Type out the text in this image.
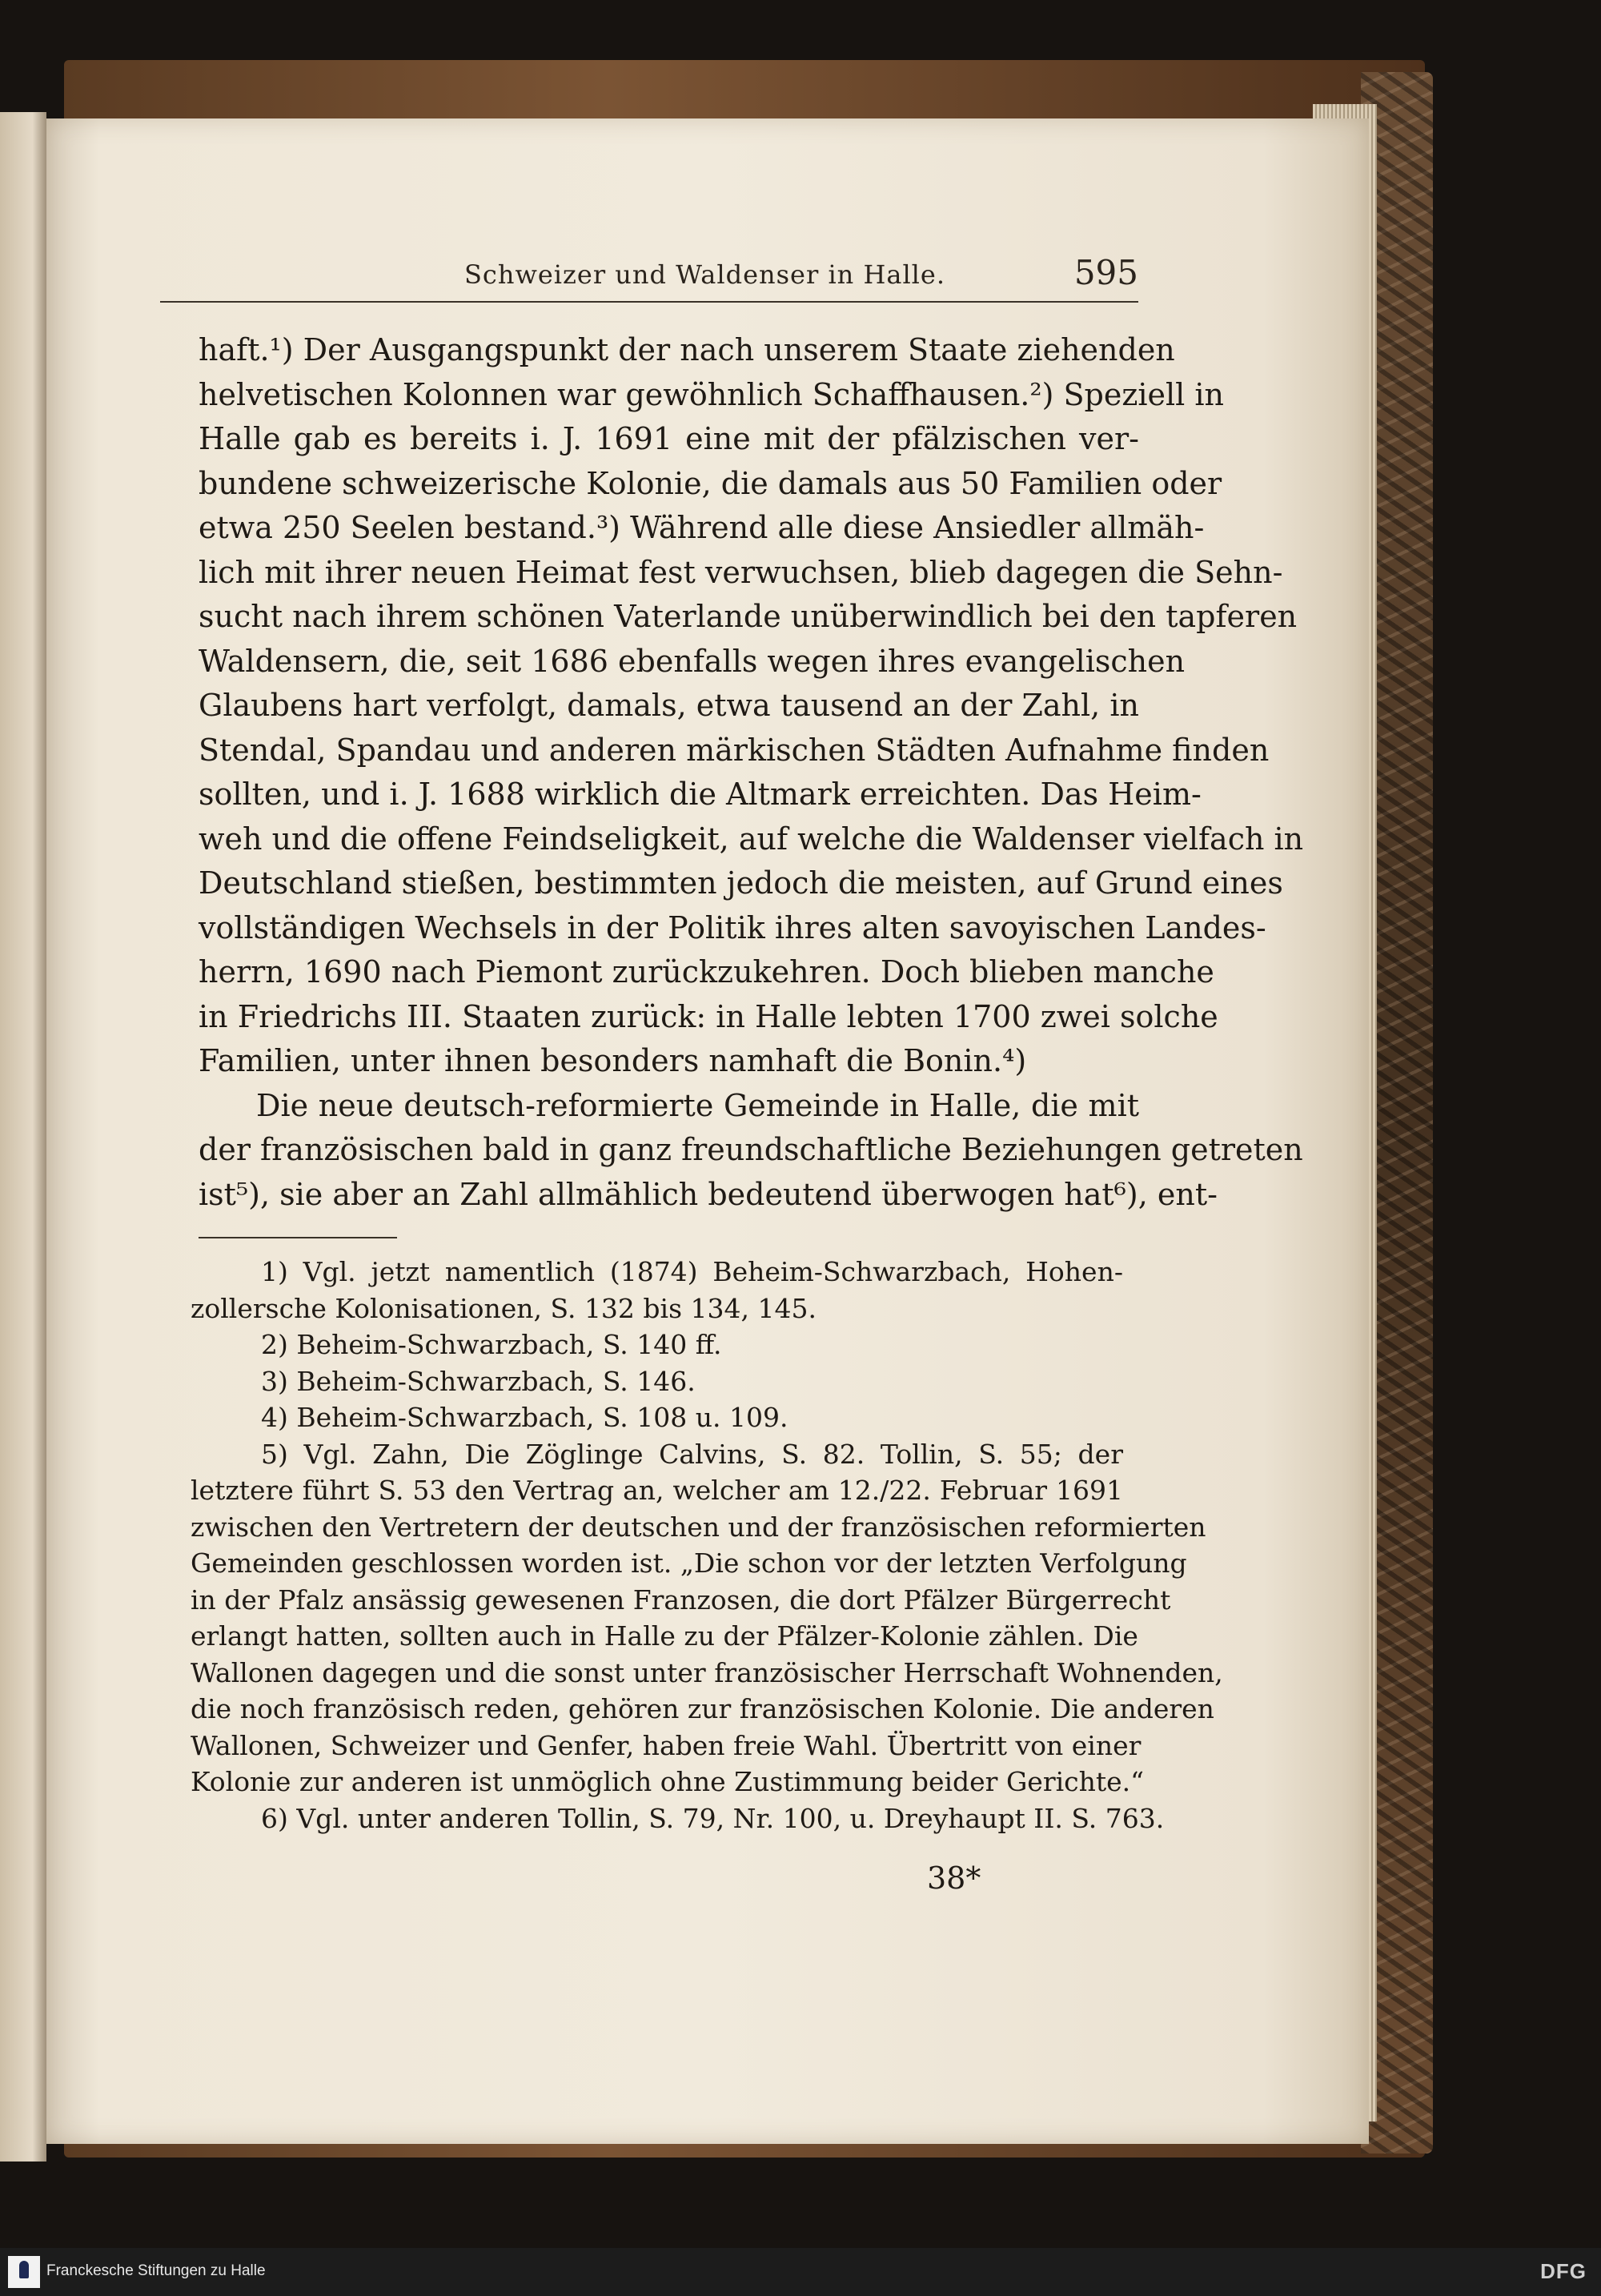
Schweizer und Waldenser in Halle.	595
haft.¹) Der Ausgangspunkt der nach unserem Staate ziehenden
helvetischen Kolonnen war gewöhnlich Schaffhausen.²) Speziell in
Halle gab es bereits i. J. 1691 eine mit der pfälzischen ver-
bundene schweizerische Kolonie, die damals aus 50 Familien oder
etwa 250 Seelen bestand.³) Während alle diese Ansiedler allmäh-
lich mit ihrer neuen Heimat fest verwuchsen, blieb dagegen die Sehn-
sucht nach ihrem schönen Vaterlande unüberwindlich bei den tapferen
Waldensern, die, seit 1686 ebenfalls wegen ihres evangelischen
Glaubens hart verfolgt, damals, etwa tausend an der Zahl, in
Stendal, Spandau und anderen märkischen Städten Aufnahme finden
sollten, und i. J. 1688 wirklich die Altmark erreichten. Das Heim-
weh und die offene Feindseligkeit, auf welche die Waldenser vielfach in
Deutschland stießen, bestimmten jedoch die meisten, auf Grund eines
vollständigen Wechsels in der Politik ihres alten savoyischen Landes-
herrn, 1690 nach Piemont zurückzukehren. Doch blieben manche
in Friedrichs III. Staaten zurück: in Halle lebten 1700 zwei solche
Familien, unter ihnen besonders namhaft die Bonin.⁴)
Die neue deutsch-reformierte Gemeinde in Halle, die mit
der französischen bald in ganz freundschaftliche Beziehungen getreten
ist⁵), sie aber an Zahl allmählich bedeutend überwogen hat⁶), ent-
1) Vgl. jetzt namentlich (1874) Beheim-Schwarzbach, Hohen-
zollersche Kolonisationen, S. 132 bis 134, 145.
2) Beheim-Schwarzbach, S. 140 ff.
3) Beheim-Schwarzbach, S. 146.
4) Beheim-Schwarzbach, S. 108 u. 109.
5) Vgl. Zahn, Die Zöglinge Calvins, S. 82. Tollin, S. 55; der
letztere führt S. 53 den Vertrag an, welcher am 12./22. Februar 1691
zwischen den Vertretern der deutschen und der französischen reformierten
Gemeinden geschlossen worden ist. „Die schon vor der letzten Verfolgung
in der Pfalz ansässig gewesenen Franzosen, die dort Pfälzer Bürgerrecht
erlangt hatten, sollten auch in Halle zu der Pfälzer-Kolonie zählen. Die
Wallonen dagegen und die sonst unter französischer Herrschaft Wohnenden,
die noch französisch reden, gehören zur französischen Kolonie. Die anderen
Wallonen, Schweizer und Genfer, haben freie Wahl. Übertritt von einer
Kolonie zur anderen ist unmöglich ohne Zustimmung beider Gerichte.“
6) Vgl. unter anderen Tollin, S. 79, Nr. 100, u. Dreyhaupt II. S. 763.
38*
Franckesche Stiftungen zu Halle	DFG
